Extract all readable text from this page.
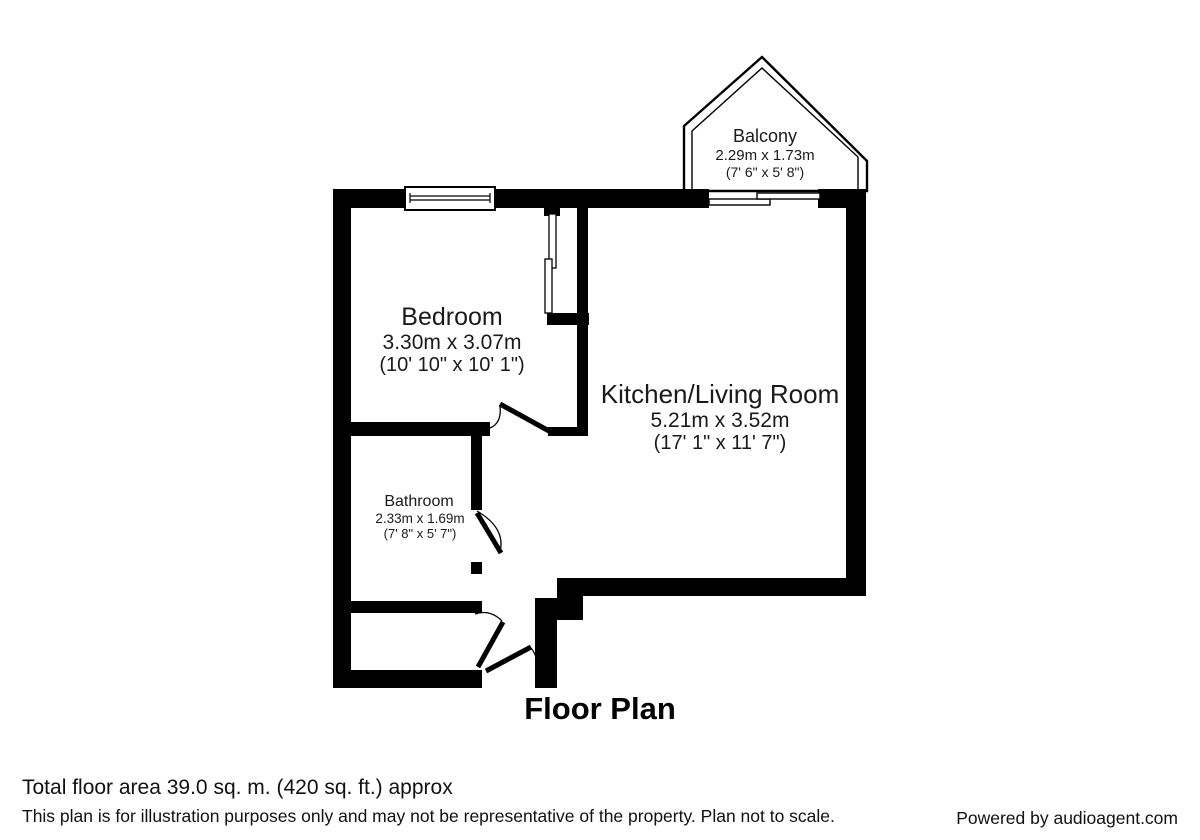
Balcony
2.29m x 1.73m
(7' 6" x 5' 8")
Bedroom
3.30m x 3.07m
(10' 10" x 10' 1")
Kitchen/Living Room
5.21m x 3.52m
(17' 1" x 11' 7")
Bathroom
2.33m x 1.69m
(7' 8" x 5' 7")
Floor Plan
Total floor area 39.0 sq. m. (420 sq. ft.) approx
This plan is for illustration purposes only and may not be representative of the property. Plan not to scale.	Powered by audioagent.com
